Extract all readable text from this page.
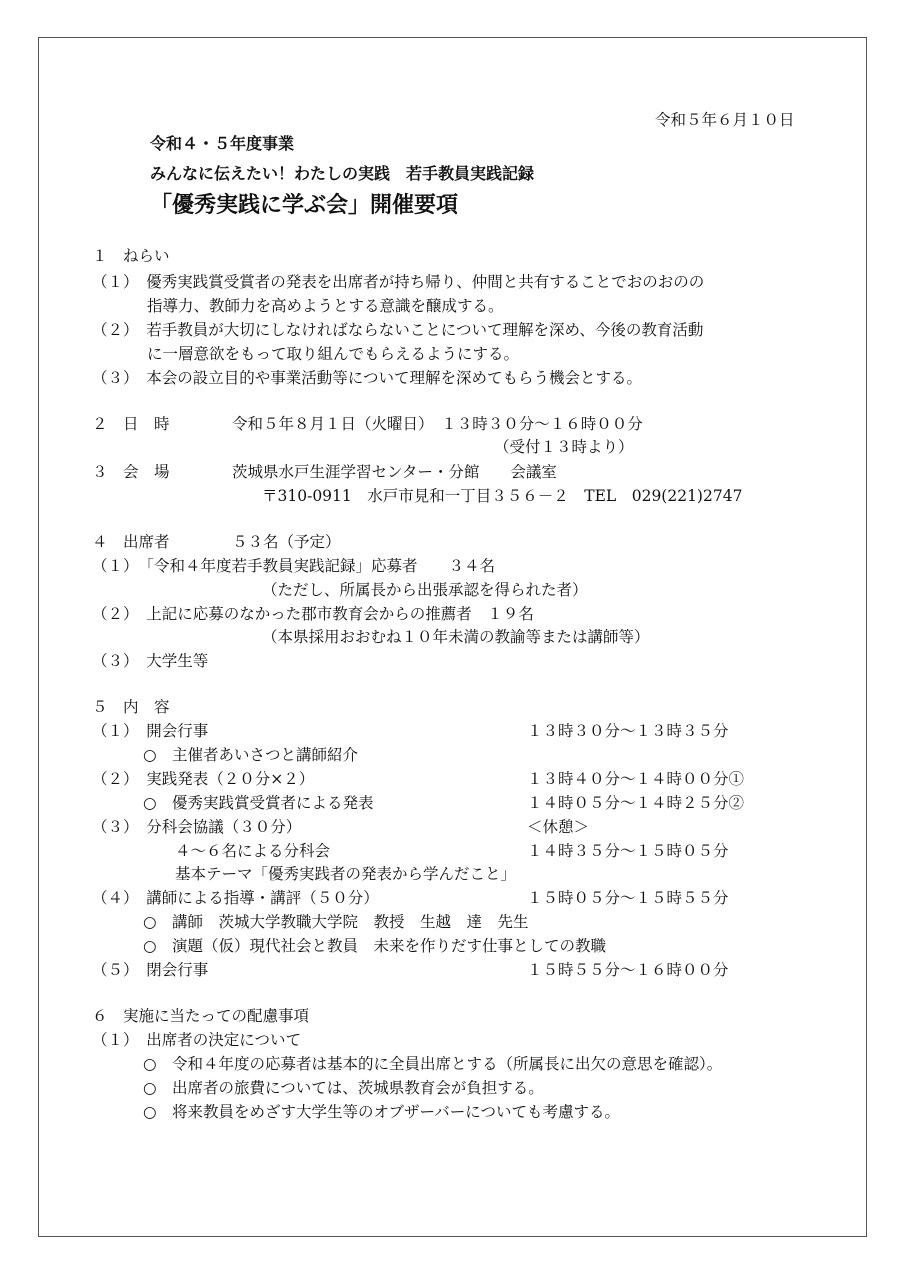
令和５年６月１０日
令和４・５年度事業
みんなに伝えたい！わたしの実践　若手教員実践記録
「優秀実践に学ぶ会」開催要項
１　ねらい
（１）　優秀実践賞受賞者の発表を出席者が持ち帰り、仲間と共有することでおのおのの
指導力、教師力を高めようとする意識を醸成する。
（２）　若手教員が大切にしなければならないことについて理解を深め、今後の教育活動
に一層意欲をもって取り組んでもらえるようにする。
（３）　本会の設立目的や事業活動等について理解を深めてもらう機会とする。
２　日　時	令和５年８月１日（火曜日）　１３時３０分～１６時００分
（受付１３時より）
３　会　場	茨城県水戸生涯学習センター・分館　　会議室
〒310-0911　水戸市見和一丁目３５６－２　TEL　029(221)2747
４　出席者	５３名（予定）
（１）　「令和４年度若手教員実践記録」応募者　　３４名
（ただし、所属長から出張承認を得られた者）
（２）　上記に応募のなかった郡市教育会からの推薦者　１９名
（本県採用おおむね１０年未満の教諭等または講師等）
（３）　大学生等
５　内　容
（１）　開会行事	１３時３０分～１３時３５分
○　主催者あいさつと講師紹介
（２）　実践発表（２０分×２）	１３時４０分～１４時００分①
○　優秀実践賞受賞者による発表	１４時０５分～１４時２５分②
（３）　分科会協議（３０分）	＜休憩＞
４～６名による分科会	１４時３５分～１５時０５分
基本テーマ「優秀実践者の発表から学んだこと」
（４）　講師による指導・講評（５０分）	１５時０５分～１５時５５分
○　講師　茨城大学教職大学院　教授　生越　達　先生
○　演題（仮）現代社会と教員　未来を作りだす仕事としての教職
（５）　閉会行事	１５時５５分～１６時００分
６　実施に当たっての配慮事項
（１）　出席者の決定について
○　令和４年度の応募者は基本的に全員出席とする（所属長に出欠の意思を確認）。
○　出席者の旅費については、茨城県教育会が負担する。
○　将来教員をめざす大学生等のオブザーバーについても考慮する。
